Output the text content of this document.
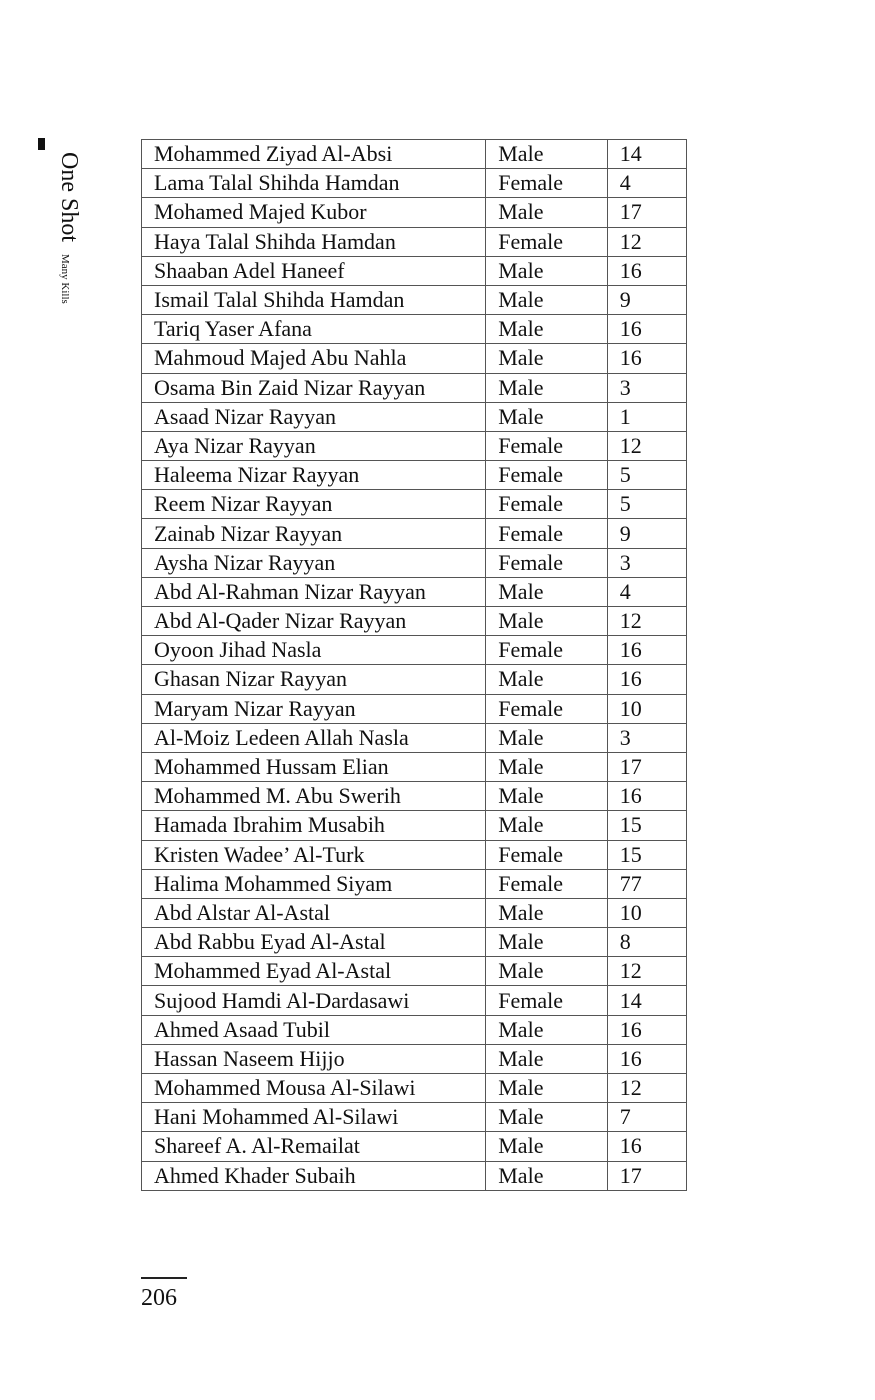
One Shot Many Kills
Mohammed Ziyad Al-Absi	Male	14
Lama Talal Shihda Hamdan	Female	4
Mohamed Majed Kubor	Male	17
Haya Talal Shihda Hamdan	Female	12
Shaaban Adel Haneef	Male	16
Ismail Talal Shihda Hamdan	Male	9
Tariq Yaser Afana	Male	16
Mahmoud Majed Abu Nahla	Male	16
Osama Bin Zaid Nizar Rayyan	Male	3
Asaad Nizar Rayyan	Male	1
Aya Nizar Rayyan	Female	12
Haleema Nizar Rayyan	Female	5
Reem Nizar Rayyan	Female	5
Zainab Nizar Rayyan	Female	9
Aysha Nizar Rayyan	Female	3
Abd Al-Rahman Nizar Rayyan	Male	4
Abd Al-Qader Nizar Rayyan	Male	12
Oyoon Jihad Nasla	Female	16
Ghasan Nizar Rayyan	Male	16
Maryam Nizar Rayyan	Female	10
Al-Moiz Ledeen Allah Nasla	Male	3
Mohammed Hussam Elian	Male	17
Mohammed M. Abu Swerih	Male	16
Hamada Ibrahim Musabih	Male	15
Kristen Wadee’ Al-Turk	Female	15
Halima Mohammed Siyam	Female	77
Abd Alstar Al-Astal	Male	10
Abd Rabbu Eyad Al-Astal	Male	8
Mohammed Eyad Al-Astal	Male	12
Sujood Hamdi Al-Dardasawi	Female	14
Ahmed Asaad Tubil	Male	16
Hassan Naseem Hijjo	Male	16
Mohammed Mousa Al-Silawi	Male	12
Hani Mohammed Al-Silawi	Male	7
Shareef A. Al-Remailat	Male	16
Ahmed Khader Subaih	Male	17
206
